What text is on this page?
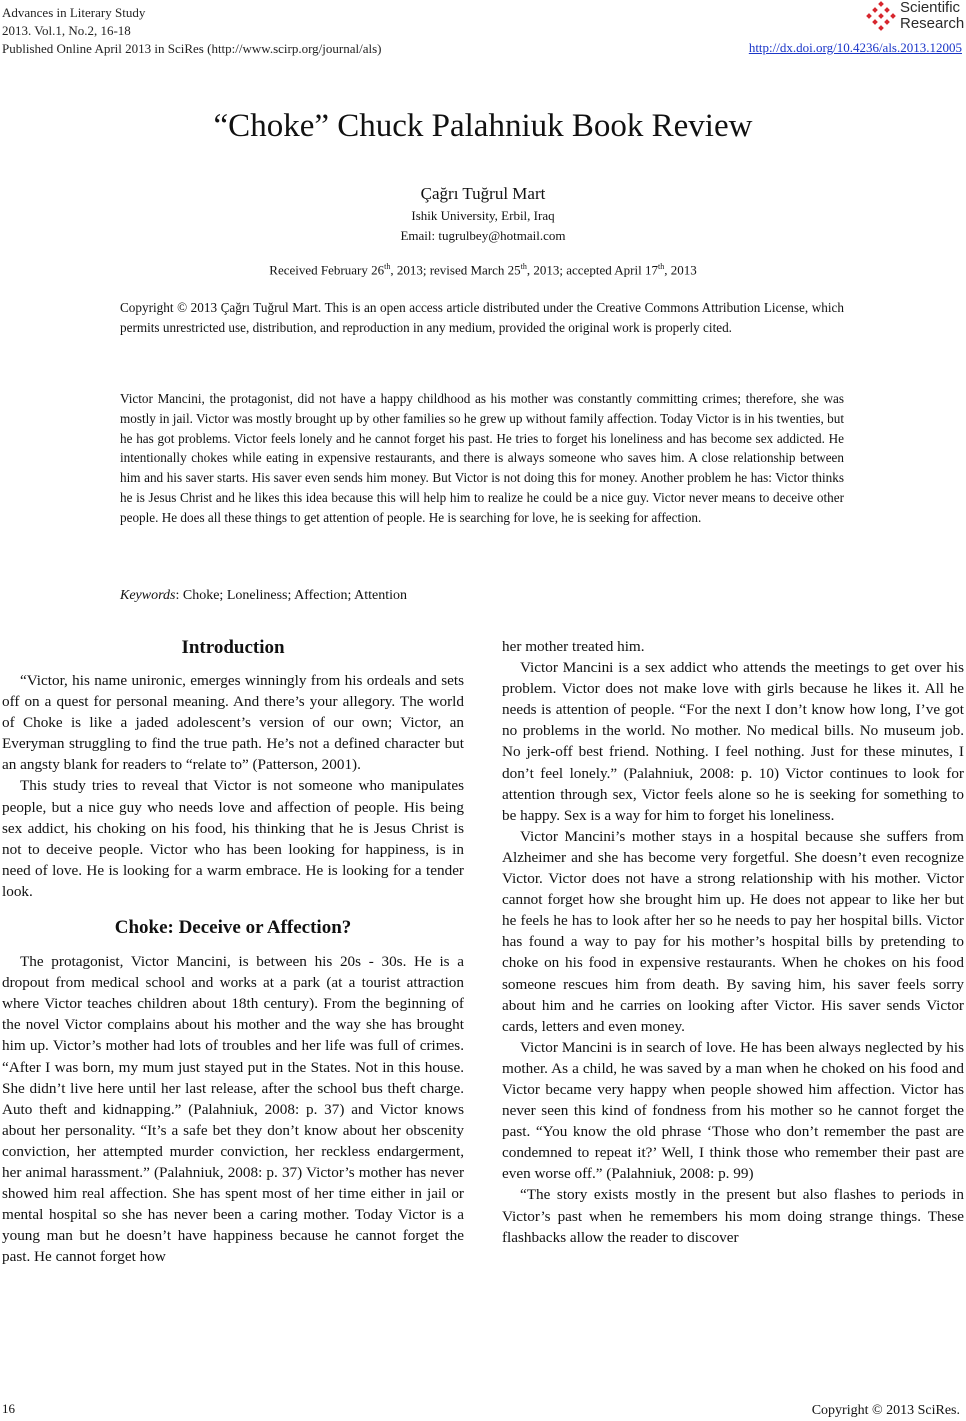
Advances in Literary Study
2013. Vol.1, No.2, 16-18
Published Online April 2013 in SciRes (http://www.scirp.org/journal/als)
Scientific
Research
http://dx.doi.org/10.4236/als.2013.12005
“Choke” Chuck Palahniuk Book Review
Çağrı Tuğrul Mart
Ishik University, Erbil, Iraq
Email: tugrulbey@hotmail.com
Received February 26th, 2013; revised March 25th, 2013; accepted April 17th, 2013
Copyright © 2013 Çağrı Tuğrul Mart. This is an open access article distributed under the Creative Commons Attribution License, which permits unrestricted use, distribution, and reproduction in any medium, provided the original work is properly cited.
Victor Mancini, the protagonist, did not have a happy childhood as his mother was constantly committing crimes; therefore, she was mostly in jail. Victor was mostly brought up by other families so he grew up without family affection. Today Victor is in his twenties, but he has got problems. Victor feels lonely and he cannot forget his past. He tries to forget his loneliness and has become sex addicted. He intentionally chokes while eating in expensive restaurants, and there is always someone who saves him. A close relationship between him and his saver starts. His saver even sends him money. But Victor is not doing this for money. Another problem he has: Victor thinks he is Jesus Christ and he likes this idea because this will help him to realize he could be a nice guy. Victor never means to deceive other people. He does all these things to get attention of people. He is searching for love, he is seeking for affection.
Keywords: Choke; Loneliness; Affection; Attention
Introduction

“Victor, his name unironic, emerges winningly from his ordeals and sets off on a quest for personal meaning. And there’s your allegory. The world of Choke is like a jaded adolescent’s version of our own; Victor, an Everyman struggling to find the true path. He’s not a defined character but an angsty blank for readers to “relate to” (Patterson, 2001).

This study tries to reveal that Victor is not someone who manipulates people, but a nice guy who needs love and affection of people. His being sex addict, his choking on his food, his thinking that he is Jesus Christ is not to deceive people. Victor who has been looking for happiness, is in need of love. He is looking for a warm embrace. He is looking for a tender look.

Choke: Deceive or Affection?

The protagonist, Victor Mancini, is between his 20s - 30s. He is a dropout from medical school and works at a park (at a tourist attraction where Victor teaches children about 18th century). From the beginning of the novel Victor complains about his mother and the way she has brought him up. Victor’s mother had lots of troubles and her life was full of crimes. “After I was born, my mum just stayed put in the States. Not in this house. She didn’t live here until her last release, after the school bus theft charge. Auto theft and kidnapping.” (Palahniuk, 2008: p. 37) and Victor knows about her personality. “It’s a safe bet they don’t know about her obscenity conviction, her attempted murder conviction, her reckless endargerment, her animal harassment.” (Palahniuk, 2008: p. 37) Victor’s mother has never showed him real affection. She has spent most of her time either in jail or mental hospital so she has never been a caring mother. Today Victor is a young man but he doesn’t have happiness because he cannot forget the past. He cannot forget how

her mother treated him.

Victor Mancini is a sex addict who attends the meetings to get over his problem. Victor does not make love with girls because he likes it. All he needs is attention of people. “For the next I don’t know how long, I’ve got no problems in the world. No mother. No medical bills. No museum job. No jerk-off best friend. Nothing. I feel nothing. Just for these minutes, I don’t feel lonely.” (Palahniuk, 2008: p. 10) Victor continues to look for attention through sex, Victor feels alone so he is seeking for something to be happy. Sex is a way for him to forget his loneliness.

Victor Mancini’s mother stays in a hospital because she suffers from Alzheimer and she has become very forgetful. She doesn’t even recognize Victor. Victor does not have a strong relationship with his mother. Victor cannot forget how she brought him up. He does not appear to like her but he feels he has to look after her so he needs to pay her hospital bills. Victor has found a way to pay for his mother’s hospital bills by pretending to choke on his food in expensive restaurants. When he chokes on his food someone rescues him from death. By saving him, his saver feels sorry about him and he carries on looking after Victor. His saver sends Victor cards, letters and even money.

Victor Mancini is in search of love. He has been always neglected by his mother. As a child, he was saved by a man when he choked on his food and Victor became very happy when people showed him affection. Victor has never seen this kind of fondness from his mother so he cannot forget the past. “You know the old phrase ‘Those who don’t remember the past are condemned to repeat it?’ Well, I think those who remember their past are even worse off.” (Palahniuk, 2008: p. 99)

“The story exists mostly in the present but also flashes to periods in Victor’s past when he remembers his mom doing strange things. These flashbacks allow the reader to discover

16	Copyright © 2013 SciRes.
